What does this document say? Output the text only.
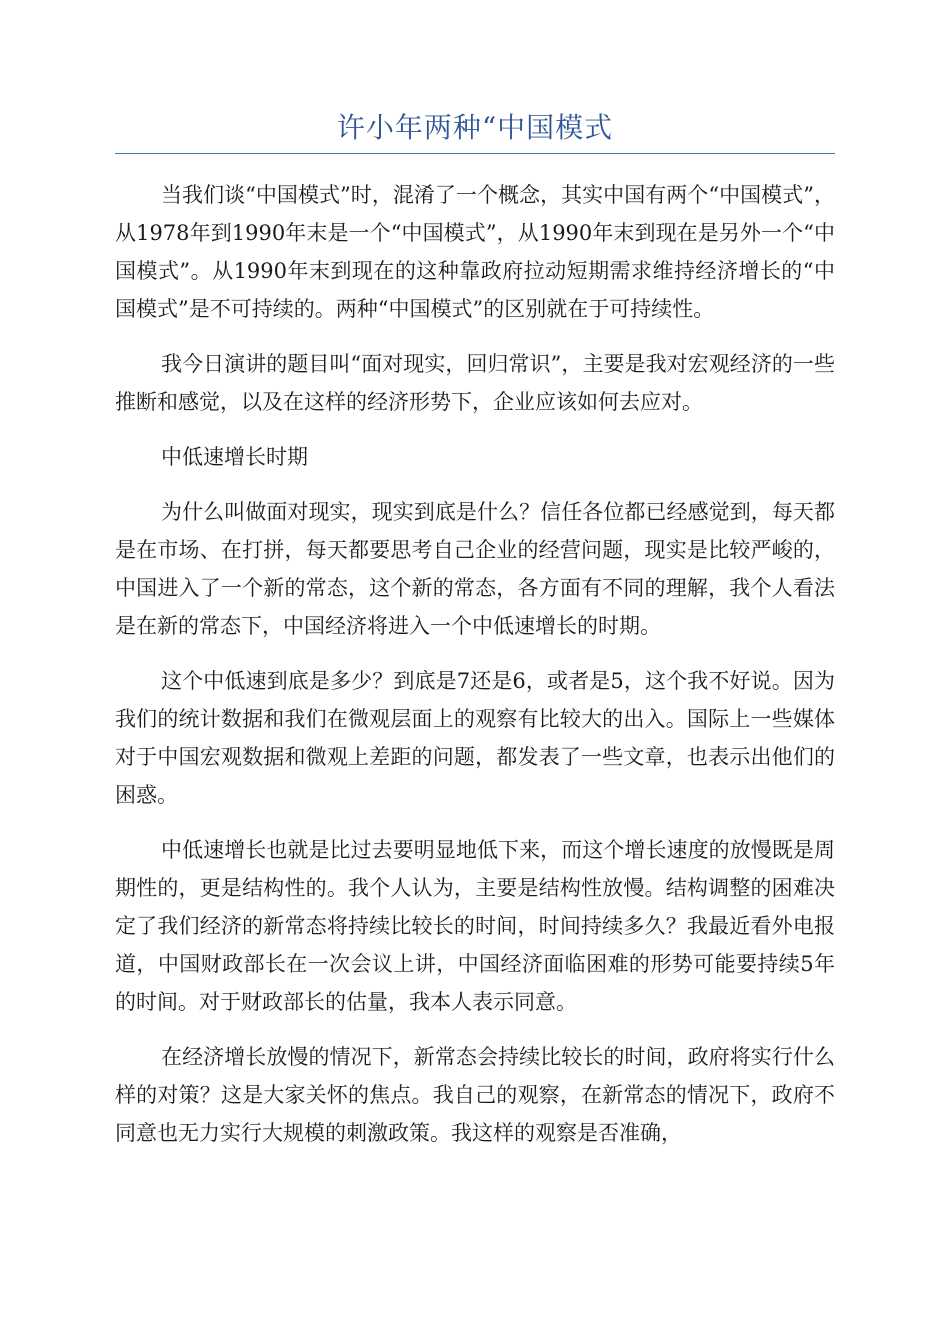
许小年两种“中国模式

当我们谈“中国模式”时，混淆了一个概念，其实中国有两个“中国模式”，从1978年到1990年末是一个“中国模式”，从1990年末到现在是另外一个“中国模式”。从1990年末到现在的这种靠政府拉动短期需求维持经济增长的“中国模式”是不可持续的。两种“中国模式”的区别就在于可持续性。

我今日演讲的题目叫“面对现实，回归常识”，主要是我对宏观经济的一些推断和感觉，以及在这样的经济形势下，企业应该如何去应对。

中低速增长时期

为什么叫做面对现实，现实到底是什么？信任各位都已经感觉到，每天都是在市场、在打拼，每天都要思考自己企业的经营问题，现实是比较严峻的，中国进入了一个新的常态，这个新的常态，各方面有不同的理解，我个人看法是在新的常态下，中国经济将进入一个中低速增长的时期。

这个中低速到底是多少？到底是7还是6，或者是5，这个我不好说。因为我们的统计数据和我们在微观层面上的观察有比较大的出入。国际上一些媒体对于中国宏观数据和微观上差距的问题，都发表了一些文章，也表示出他们的困惑。

中低速增长也就是比过去要明显地低下来，而这个增长速度的放慢既是周期性的，更是结构性的。我个人认为，主要是结构性放慢。结构调整的困难决定了我们经济的新常态将持续比较长的时间，时间持续多久？我最近看外电报道，中国财政部长在一次会议上讲，中国经济面临困难的形势可能要持续5年的时间。对于财政部长的估量，我本人表示同意。

在经济增长放慢的情况下，新常态会持续比较长的时间，政府将实行什么样的对策？这是大家关怀的焦点。我自己的观察，在新常态的情况下，政府不同意也无力实行大规模的刺激政策。我这样的观察是否准确，
